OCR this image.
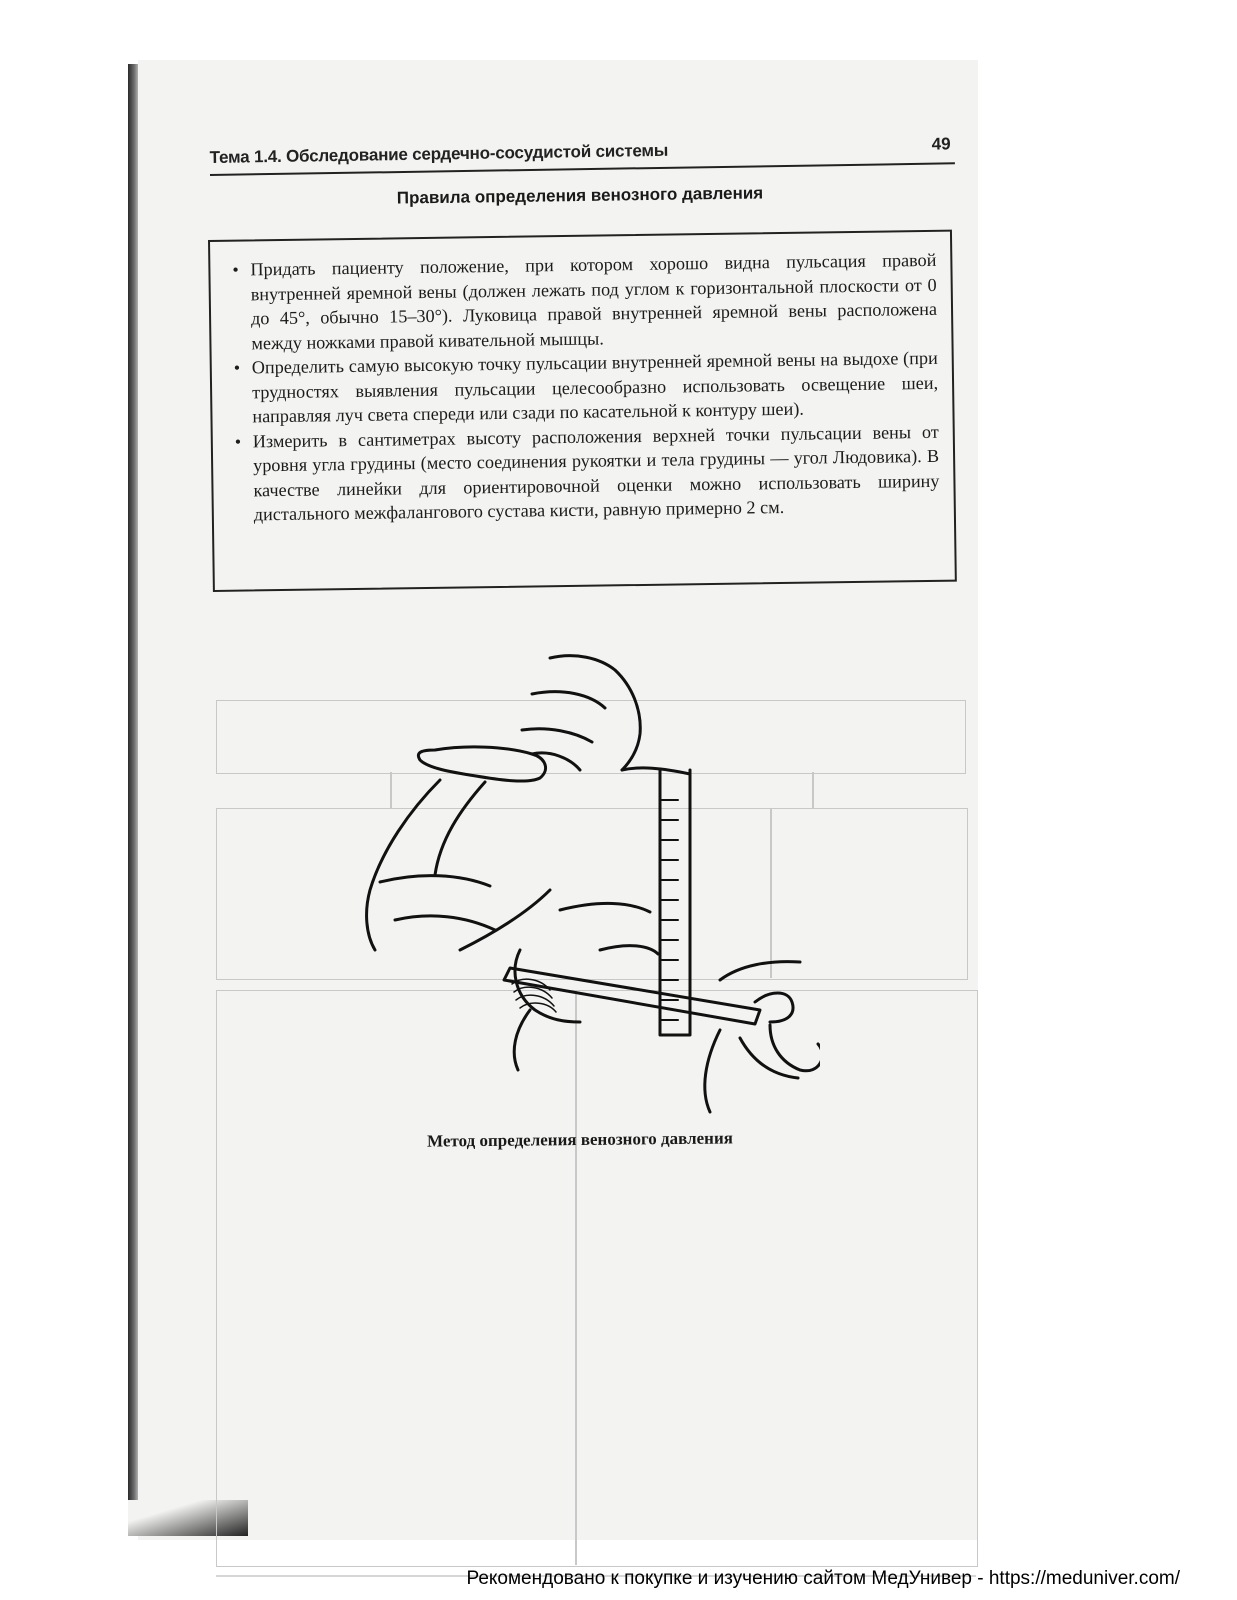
Тема 1.4. Обследование сердечно-сосудистой системы	49
Правила определения венозного давления

• Придать пациенту положение, при котором хорошо видна пульсация правой внутренней яремной вены (должен лежать под углом к горизонтальной плоскости от 0 до 45°, обычно 15–30°). Луковица правой внутренней яремной вены расположена между ножками правой кивательной мышцы.

• Определить самую высокую точку пульсации внутренней яремной вены на выдохе (при трудностях выявления пульсации целесообразно использовать освещение шеи, направляя луч света спереди или сзади по касательной к контуру шеи).

• Измерить в сантиметрах высоту расположения верхней точки пульсации вены от уровня угла грудины (место соединения рукоятки и тела грудины — угол Людовика). В качестве линейки для ориентировочной оценки можно использовать ширину дистального межфалангового сустава кисти, равную примерно 2 см.

Метод определения венозного давления
Рекомендовано к покупке и изучению сайтом МедУнивер - https://meduniver.com/
